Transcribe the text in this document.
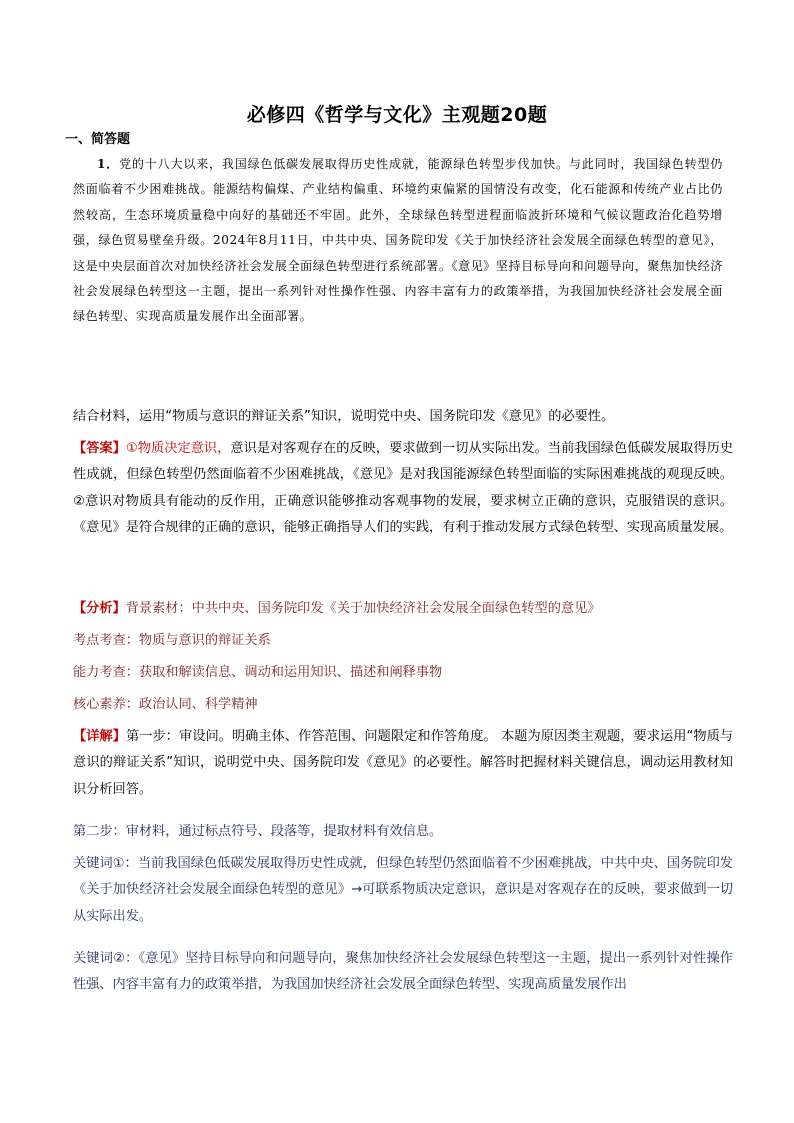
必修四《哲学与文化》主观题20题
一、简答题

1．党的十八大以来，我国绿色低碳发展取得历史性成就，能源绿色转型步伐加快。与此同时，我国绿色转型仍然面临着不少困难挑战。能源结构偏煤、产业结构偏重、环境约束偏紧的国情没有改变，化石能源和传统产业占比仍然较高，生态环境质量稳中向好的基础还不牢固。此外，全球绿色转型进程面临波折环境和气候议题政治化趋势增强，绿色贸易壁垒升级。2024年8月11日，中共中央、国务院印发《关于加快经济社会发展全面绿色转型的意见》，这是中央层面首次对加快经济社会发展全面绿色转型进行系统部署。《意见》坚持目标导向和问题导向，聚焦加快经济社会发展绿色转型这一主题，提出一系列针对性操作性强、内容丰富有力的政策举措，为我国加快经济社会发展全面绿色转型、实现高质量发展作出全面部署。

结合材料，运用“物质与意识的辩证关系”知识，说明党中央、国务院印发《意见》的必要性。

【答案】①物质决定意识，意识是对客观存在的反映，要求做到一切从实际出发。当前我国绿色低碳发展取得历史性成就，但绿色转型仍然面临着不少困难挑战，《意见》是对我国能源绿色转型面临的实际困难挑战的观现反映。②意识对物质具有能动的反作用，正确意识能够推动客观事物的发展，要求树立正确的意识，克服错误的意识。《意见》是符合规律的正确的意识，能够正确指导人们的实践，有利于推动发展方式绿色转型、实现高质量发展。

【分析】背景素材：中共中央、国务院印发《关于加快经济社会发展全面绿色转型的意见》

考点考查：物质与意识的辩证关系

能力考查：获取和解读信息、调动和运用知识、描述和阐释事物

核心素养：政治认同、科学精神

【详解】第一步：审设问。明确主体、作答范围、问题限定和作答角度。 本题为原因类主观题，要求运用“物质与意识的辩证关系”知识，说明党中央、国务院印发《意见》的必要性。解答时把握材料关键信息，调动运用教材知识分析回答。

第二步：审材料，通过标点符号、段落等，提取材料有效信息。

关键词①：当前我国绿色低碳发展取得历史性成就，但绿色转型仍然面临着不少困难挑战，中共中央、国务院印发《关于加快经济社会发展全面绿色转型的意见》→可联系物质决定意识，意识是对客观存在的反映，要求做到一切从实际出发。

关键词②：《意见》坚持目标导向和问题导向，聚焦加快经济社会发展绿色转型这一主题，提出一系列针对性操作性强、内容丰富有力的政策举措，为我国加快经济社会发展全面绿色转型、实现高质量发展作出
